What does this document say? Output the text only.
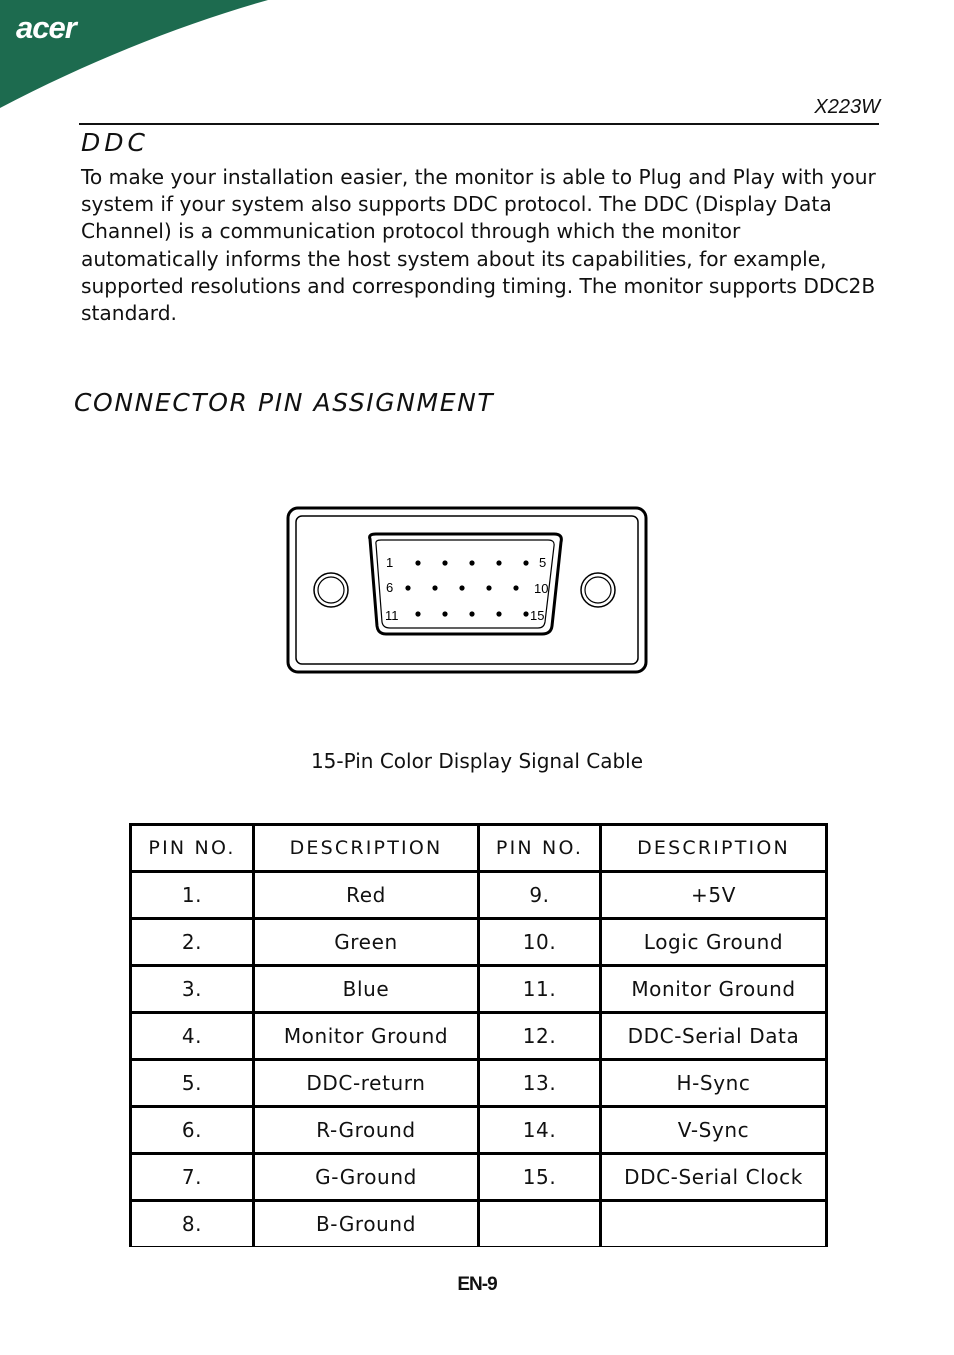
acer
X223W
DDC
To make your installation easier, the monitor is able to Plug and Play with your system if your system also supports DDC protocol. The DDC (Display Data Channel) is a communication protocol through which the monitor automatically informs the host system about its capabilities, for example, supported resolutions and corresponding timing. The monitor supports DDC2B standard.
CONNECTOR PIN ASSIGNMENT
1	5
6	10
11	15
15-Pin Color Display Signal Cable
PIN NO.	DESCRIPTION	PIN NO.	DESCRIPTION
1.	Red	9.	+5V
2.	Green	10.	Logic Ground
3.	Blue	11.	Monitor Ground
4.	Monitor Ground	12.	DDC-Serial Data
5.	DDC-return	13.	H-Sync
6.	R-Ground	14.	V-Sync
7.	G-Ground	15.	DDC-Serial Clock
8.	B-Ground		
EN-9
